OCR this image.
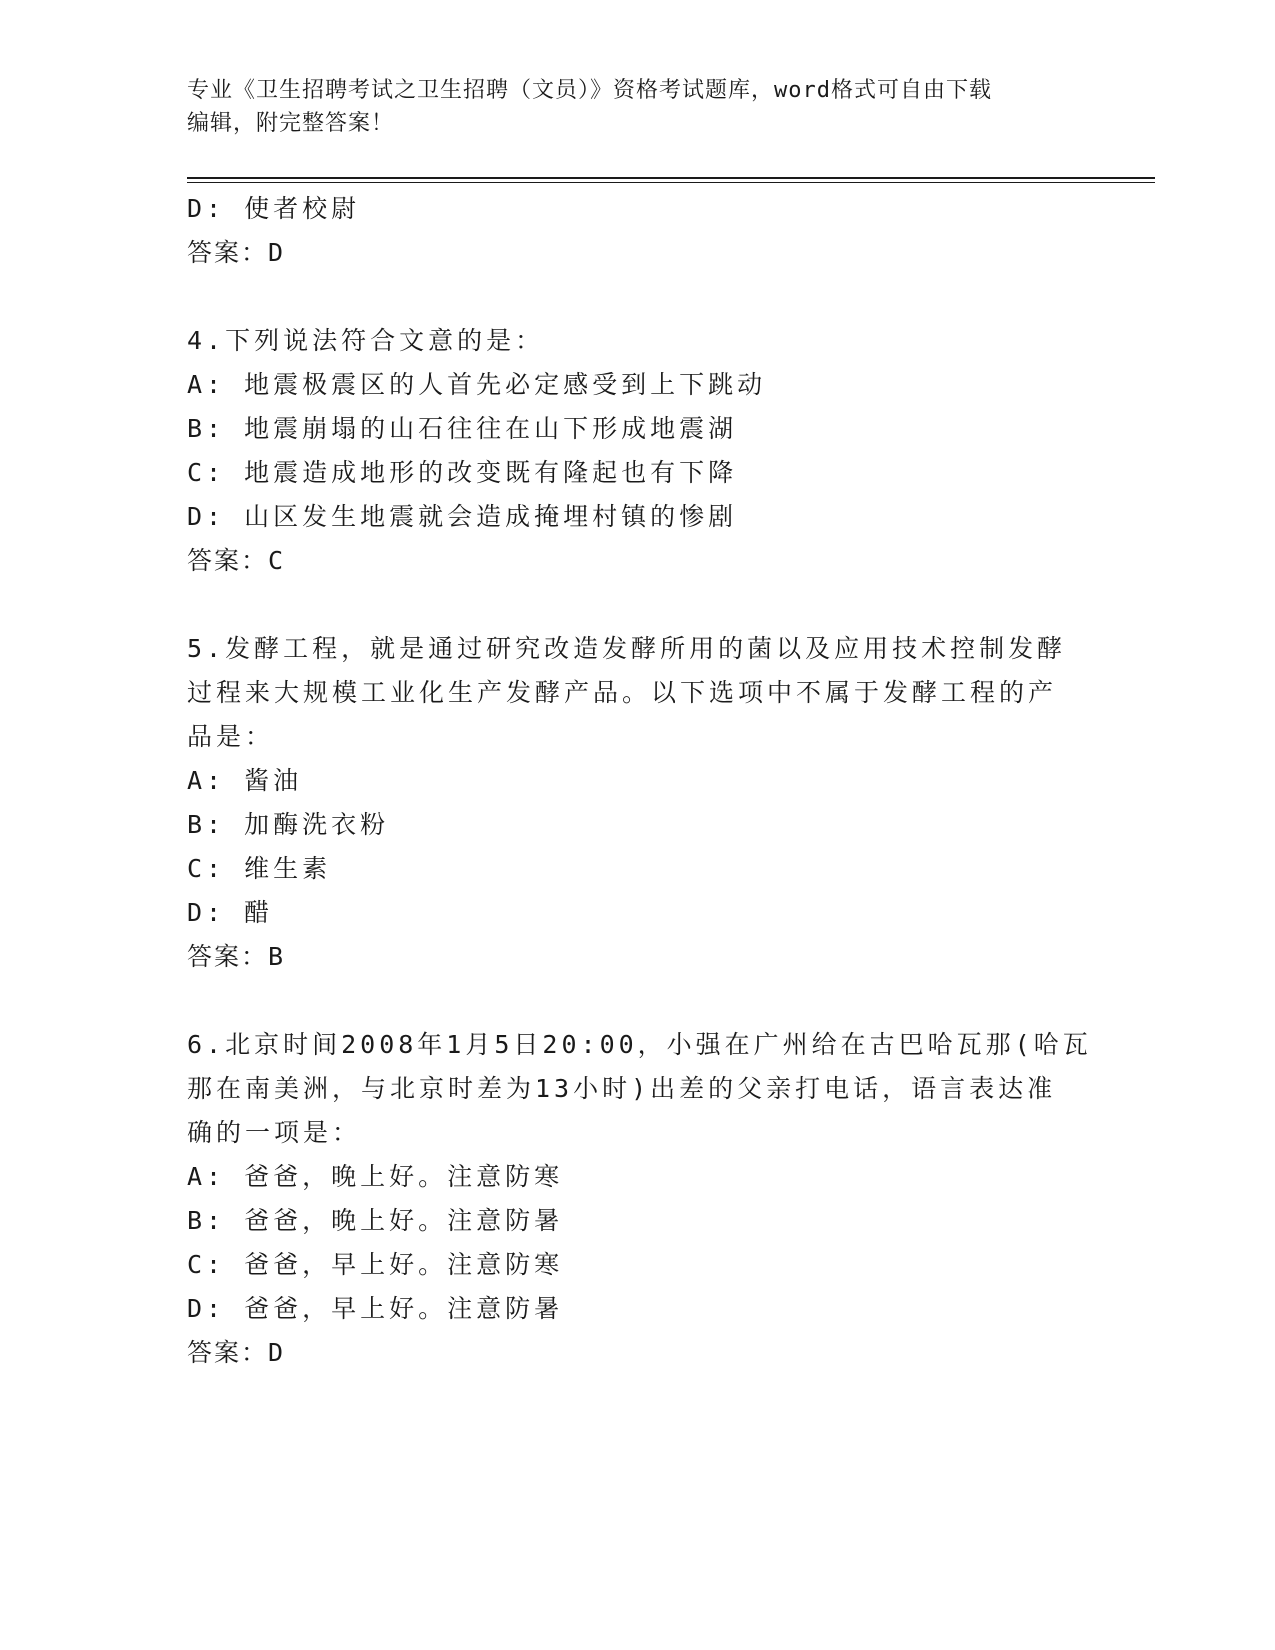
专业《卫生招聘考试之卫生招聘（文员）》资格考试题库，word格式可自由下载
编辑，附完整答案！
D: 使者校尉
答案：D
4.下列说法符合文意的是：
A: 地震极震区的人首先必定感受到上下跳动
B: 地震崩塌的山石往往在山下形成地震湖
C: 地震造成地形的改变既有隆起也有下降
D: 山区发生地震就会造成掩埋村镇的惨剧
答案：C
5.发酵工程，就是通过研究改造发酵所用的菌以及应用技术控制发酵
过程来大规模工业化生产发酵产品。以下选项中不属于发酵工程的产
品是：
A: 酱油
B: 加酶洗衣粉
C: 维生素
D: 醋
答案：B
6.北京时间2008年1月5日20:00，小强在广州给在古巴哈瓦那(哈瓦
那在南美洲，与北京时差为13小时)出差的父亲打电话，语言表达准
确的一项是：
A: 爸爸，晚上好。注意防寒
B: 爸爸，晚上好。注意防暑
C: 爸爸，早上好。注意防寒
D: 爸爸，早上好。注意防暑
答案：D
